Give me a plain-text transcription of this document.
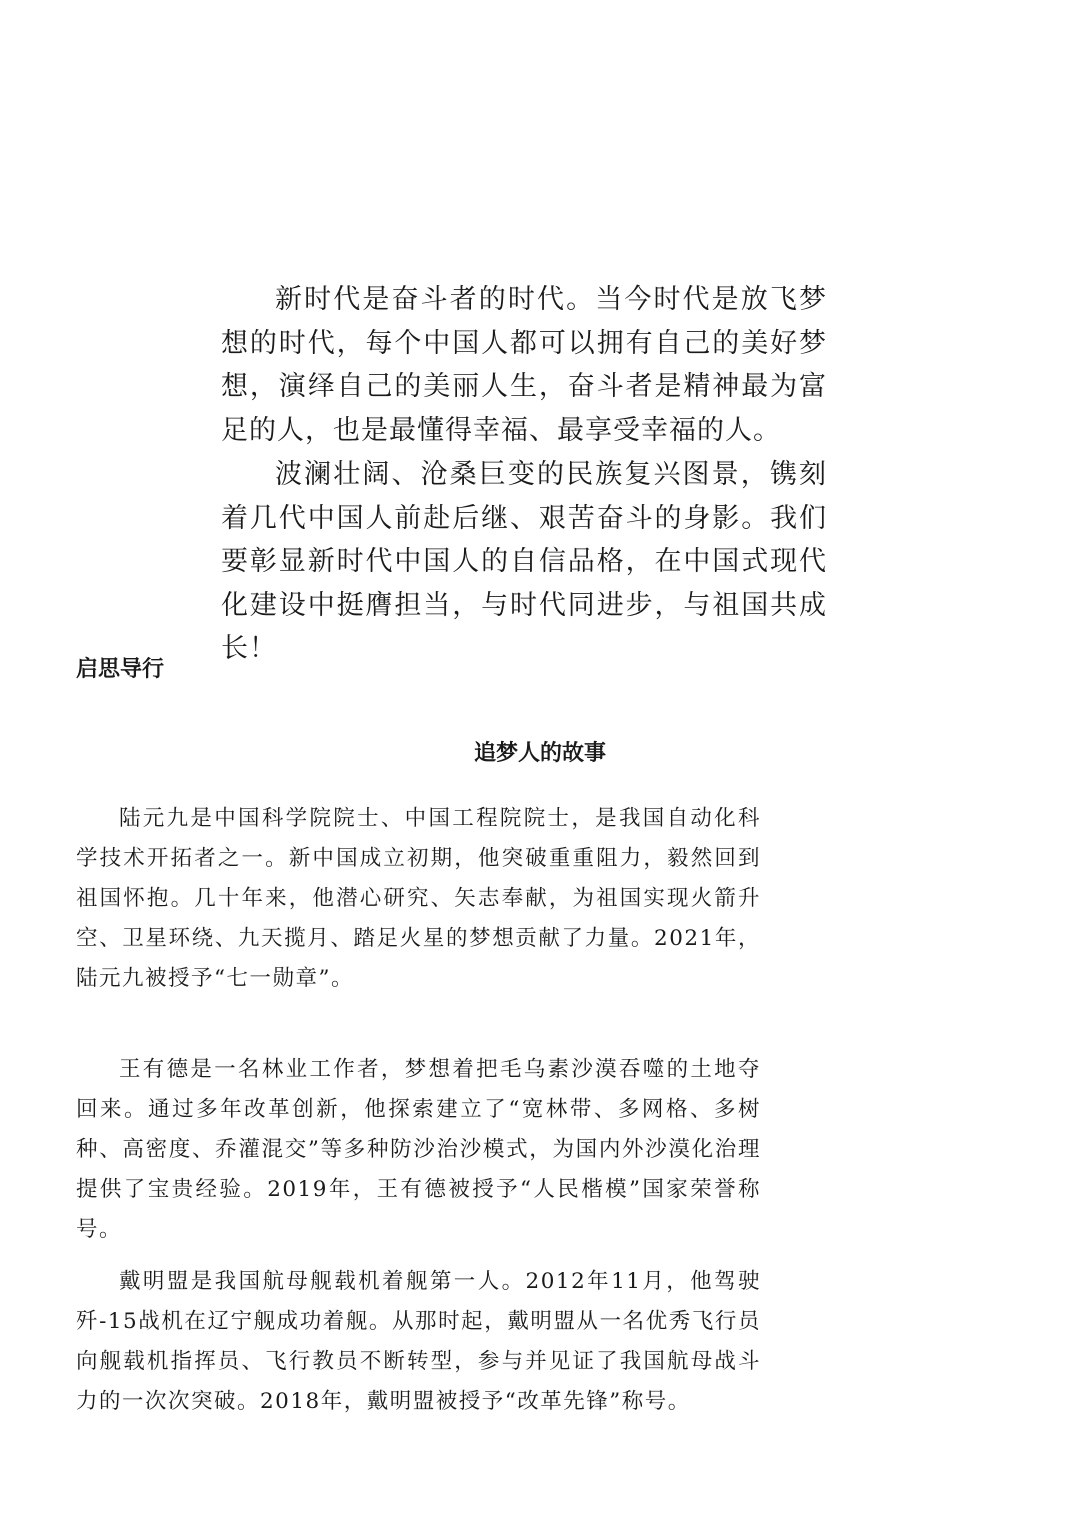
新时代是奋斗者的时代。当今时代是放飞梦想的时代，每个中国人都可以拥有自己的美好梦想，演绎自己的美丽人生，奋斗者是精神最为富足的人，也是最懂得幸福、最享受幸福的人。

波澜壮阔、沧桑巨变的民族复兴图景，镌刻着几代中国人前赴后继、艰苦奋斗的身影。我们要彰显新时代中国人的自信品格，在中国式现代化建设中挺膺担当，与时代同进步，与祖国共成长！

启思导行
追梦人的故事

陆元九是中国科学院院士、中国工程院院士，是我国自动化科学技术开拓者之一。新中国成立初期，他突破重重阻力，毅然回到祖国怀抱。几十年来，他潜心研究、矢志奉献，为祖国实现火箭升空、卫星环绕、九天揽月、踏足火星的梦想贡献了力量。2021年，陆元九被授予“七一勋章”。

王有德是一名林业工作者，梦想着把毛乌素沙漠吞噬的土地夺回来。通过多年改革创新，他探索建立了“宽林带、多网格、多树种、高密度、乔灌混交”等多种防沙治沙模式，为国内外沙漠化治理提供了宝贵经验。2019年，王有德被授予“人民楷模”国家荣誉称号。

戴明盟是我国航母舰载机着舰第一人。2012年11月，他驾驶歼-15战机在辽宁舰成功着舰。从那时起，戴明盟从一名优秀飞行员向舰载机指挥员、飞行教员不断转型，参与并见证了我国航母战斗力的一次次突破。2018年，戴明盟被授予“改革先锋”称号。
